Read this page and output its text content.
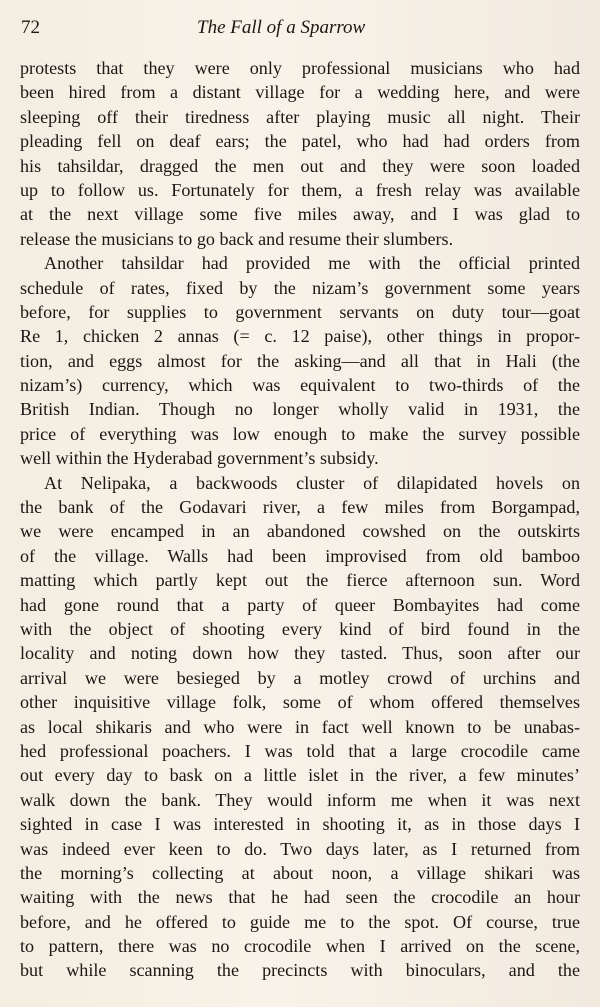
72	The Fall of a Sparrow
protests that they were only professional musicians who had
been hired from a distant village for a wedding here, and were
sleeping off their tiredness after playing music all night. Their
pleading fell on deaf ears; the patel, who had had orders from
his tahsildar, dragged the men out and they were soon loaded
up to follow us. Fortunately for them, a fresh relay was available
at the next village some five miles away, and I was glad to
release the musicians to go back and resume their slumbers.
Another tahsildar had provided me with the official printed
schedule of rates, fixed by the nizam’s government some years
before, for supplies to government servants on duty tour—goat
Re 1, chicken 2 annas (= c. 12 paise), other things in propor-
tion, and eggs almost for the asking—and all that in Hali (the
nizam’s) currency, which was equivalent to two-thirds of the
British Indian. Though no longer wholly valid in 1931, the
price of everything was low enough to make the survey possible
well within the Hyderabad government’s subsidy.
At Nelipaka, a backwoods cluster of dilapidated hovels on
the bank of the Godavari river, a few miles from Borgampad,
we were encamped in an abandoned cowshed on the outskirts
of the village. Walls had been improvised from old bamboo
matting which partly kept out the fierce afternoon sun. Word
had gone round that a party of queer Bombayites had come
with the object of shooting every kind of bird found in the
locality and noting down how they tasted. Thus, soon after our
arrival we were besieged by a motley crowd of urchins and
other inquisitive village folk, some of whom offered themselves
as local shikaris and who were in fact well known to be unabas-
hed professional poachers. I was told that a large crocodile came
out every day to bask on a little islet in the river, a few minutes’
walk down the bank. They would inform me when it was next
sighted in case I was interested in shooting it, as in those days I
was indeed ever keen to do. Two days later, as I returned from
the morning’s collecting at about noon, a village shikari was
waiting with the news that he had seen the crocodile an hour
before, and he offered to guide me to the spot. Of course, true
to pattern, there was no crocodile when I arrived on the scene,
but while scanning the precincts with binoculars, and the
